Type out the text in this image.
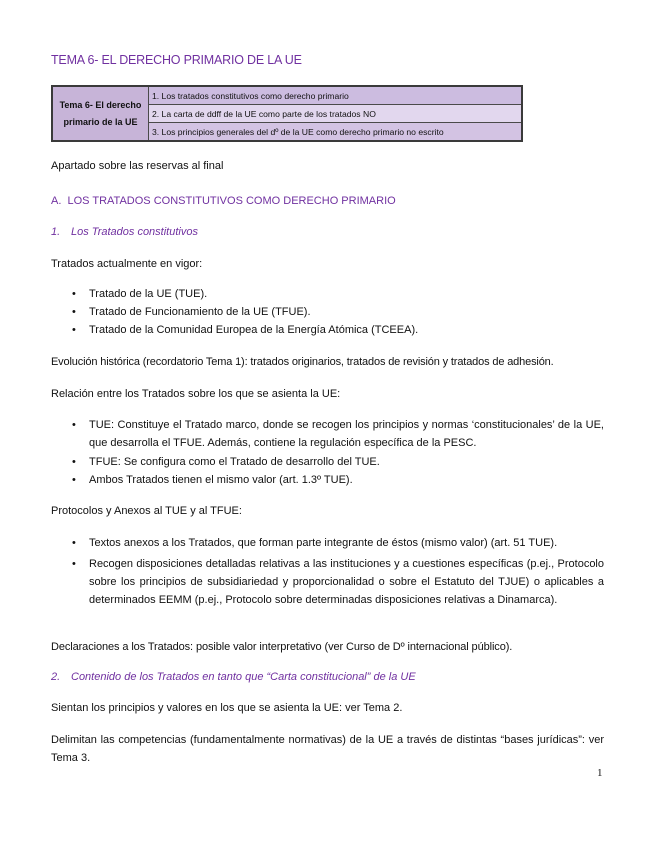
TEMA 6- EL DERECHO PRIMARIO DE LA UE
Tema 6- El derecho primario de la UE	1. Los tratados constitutivos como derecho primario
2. La carta de ddff de la UE como parte de los tratados NO
3. Los principios generales del dº de la UE como derecho primario no escrito
Apartado sobre las reservas al final
A.  LOS TRATADOS CONSTITUTIVOS COMO DERECHO PRIMARIO
1. Los Tratados constitutivos
Tratados actualmente en vigor:
• Tratado de la UE (TUE).
• Tratado de Funcionamiento de la UE (TFUE).
• Tratado de la Comunidad Europea de la Energía Atómica (TCEEA).
Evolución histórica (recordatorio Tema 1): tratados originarios, tratados de revisión y tratados de adhesión.
Relación entre los Tratados sobre los que se asienta la UE:
• TUE: Constituye el Tratado marco, donde se recogen los principios y normas ‘constitucionales’ de la UE, que desarrolla el TFUE. Además, contiene la regulación específica de la PESC.
• TFUE: Se configura como el Tratado de desarrollo del TUE.
• Ambos Tratados tienen el mismo valor (art. 1.3º TUE).
Protocolos y Anexos al TUE y al TFUE:
• Textos anexos a los Tratados, que forman parte integrante de éstos (mismo valor) (art. 51 TUE).
• Recogen disposiciones detalladas relativas a las instituciones y a cuestiones específicas (p.ej., Protocolo sobre los principios de subsidiariedad y proporcionalidad o sobre el Estatuto del TJUE) o aplicables a determinados EEMM (p.ej., Protocolo sobre determinadas disposiciones relativas a Dinamarca).
Declaraciones a los Tratados: posible valor interpretativo (ver Curso de Dº internacional público).
2. Contenido de los Tratados en tanto que “Carta constitucional” de la UE
Sientan los principios y valores en los que se asienta la UE: ver Tema 2.
Delimitan las competencias (fundamentalmente normativas) de la UE a través de distintas “bases jurídicas”: ver Tema 3.
1
